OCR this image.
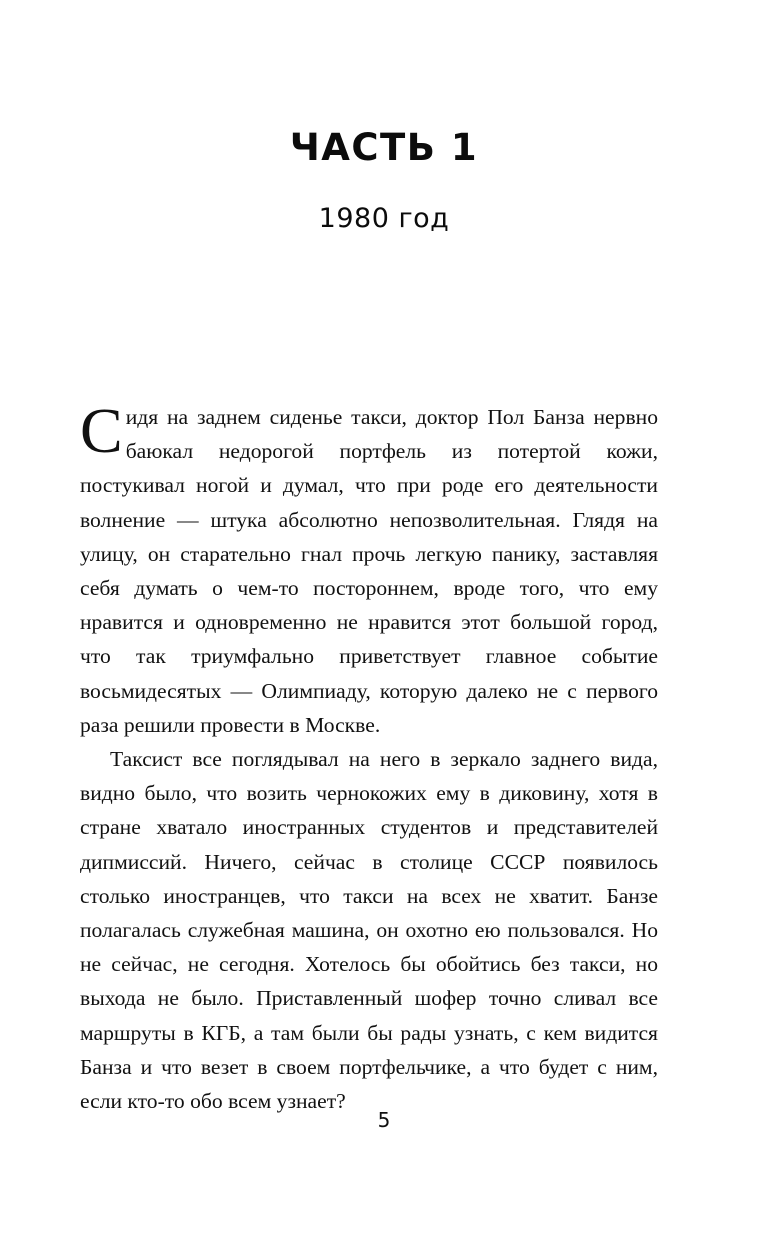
ЧАСТЬ 1
1980 год

Сидя на заднем сиденье такси, доктор Пол Банза нервно баюкал недорогой портфель из потертой кожи, постукивал ногой и думал, что при роде его деятельности волнение — штука абсолютно непозволительная. Глядя на улицу, он старательно гнал прочь легкую панику, заставляя себя думать о чем-то постороннем, вроде того, что ему нравится и одновременно не нравится этот большой город, что так триумфально приветствует главное событие восьмидесятых — Олимпиаду, которую далеко не с первого раза решили провести в Москве.

Таксист все поглядывал на него в зеркало заднего вида, видно было, что возить чернокожих ему в диковину, хотя в стране хватало иностранных студентов и представителей дипмиссий. Ничего, сейчас в столице СССР появилось столько иностранцев, что такси на всех не хватит. Банзе полагалась служебная машина, он охотно ею пользовался. Но не сейчас, не сегодня. Хотелось бы обойтись без такси, но выхода не было. Приставленный шофер точно сливал все маршруты в КГБ, а там были бы рады узнать, с кем видится Банза и что везет в своем портфельчике, а что будет с ним, если кто-то обо всем узнает?

5
